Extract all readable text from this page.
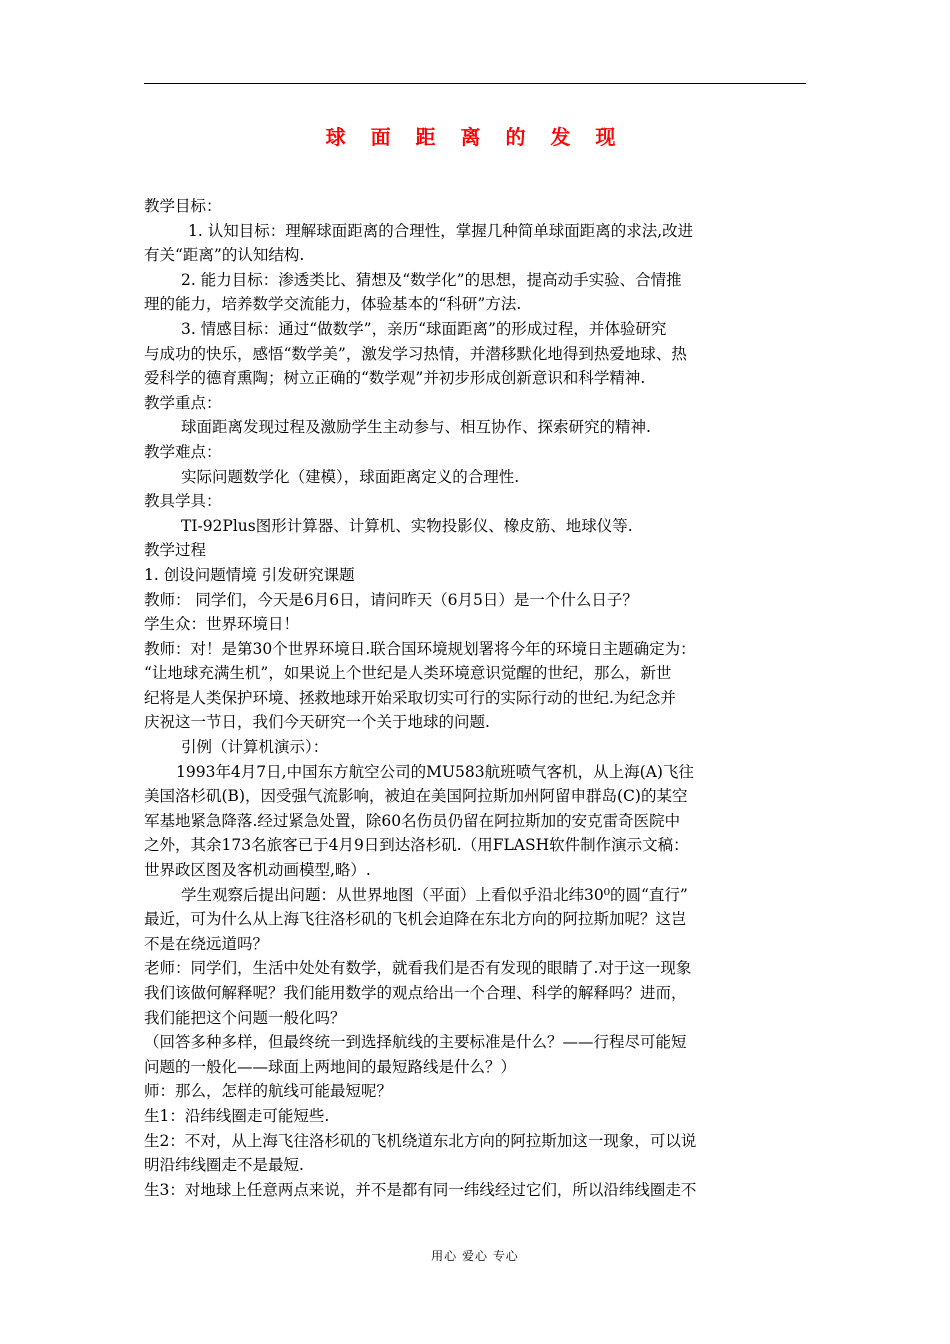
球 面 距 离 的 发 现
教学目标：
1. 认知目标：理解球面距离的合理性，掌握几种简单球面距离的求法,改进
有关“距离”的认知结构.
2. 能力目标：渗透类比、猜想及“数学化”的思想，提高动手实验、合情推
理的能力，培养数学交流能力，体验基本的“科研”方法.
3. 情感目标：通过“做数学”，亲历“球面距离”的形成过程，并体验研究
与成功的快乐，感悟“数学美”，激发学习热情，并潜移默化地得到热爱地球、热
爱科学的德育熏陶；树立正确的“数学观”并初步形成创新意识和科学精神.
教学重点：
球面距离发现过程及激励学生主动参与、相互协作、探索研究的精神.
教学难点：
实际问题数学化（建模），球面距离定义的合理性.
教具学具：
TI-92Plus图形计算器、计算机、实物投影仪、橡皮筋、地球仪等.
教学过程
1. 创设问题情境 引发研究课题
教师： 同学们，今天是6月6日，请问昨天（6月5日）是一个什么日子？
学生众：世界环境日！
教师：对！是第30个世界环境日.联合国环境规划署将今年的环境日主题确定为：
“让地球充满生机”，如果说上个世纪是人类环境意识觉醒的世纪，那么，新世
纪将是人类保护环境、拯救地球开始采取切实可行的实际行动的世纪.为纪念并
庆祝这一节日，我们今天研究一个关于地球的问题.
引例（计算机演示）：
1993年4月7日,中国东方航空公司的MU583航班喷气客机，从上海(A)飞往
美国洛杉矶(B)，因受强气流影响，被迫在美国阿拉斯加州阿留申群岛(C)的某空
军基地紧急降落.经过紧急处置，除60名伤员仍留在阿拉斯加的安克雷奇医院中
之外，其余173名旅客已于4月9日到达洛杉矶.（用FLASH软件制作演示文稿：
世界政区图及客机动画模型,略）.
学生观察后提出问题：从世界地图（平面）上看似乎沿北纬30⁰的圆“直行”
最近，可为什么从上海飞往洛杉矶的飞机会迫降在东北方向的阿拉斯加呢？这岂
不是在绕远道吗？
老师：同学们，生活中处处有数学，就看我们是否有发现的眼睛了.对于这一现象
我们该做何解释呢？我们能用数学的观点给出一个合理、科学的解释吗？进而，
我们能把这个问题一般化吗？
（回答多种多样，但最终统一到选择航线的主要标准是什么？——行程尽可能短
问题的一般化——球面上两地间的最短路线是什么？）
师：那么，怎样的航线可能最短呢？
生1：沿纬线圈走可能短些.
生2：不对，从上海飞往洛杉矶的飞机绕道东北方向的阿拉斯加这一现象，可以说
明沿纬线圈走不是最短.
生3：对地球上任意两点来说，并不是都有同一纬线经过它们，所以沿纬线圈走不
用心 爱心 专心
